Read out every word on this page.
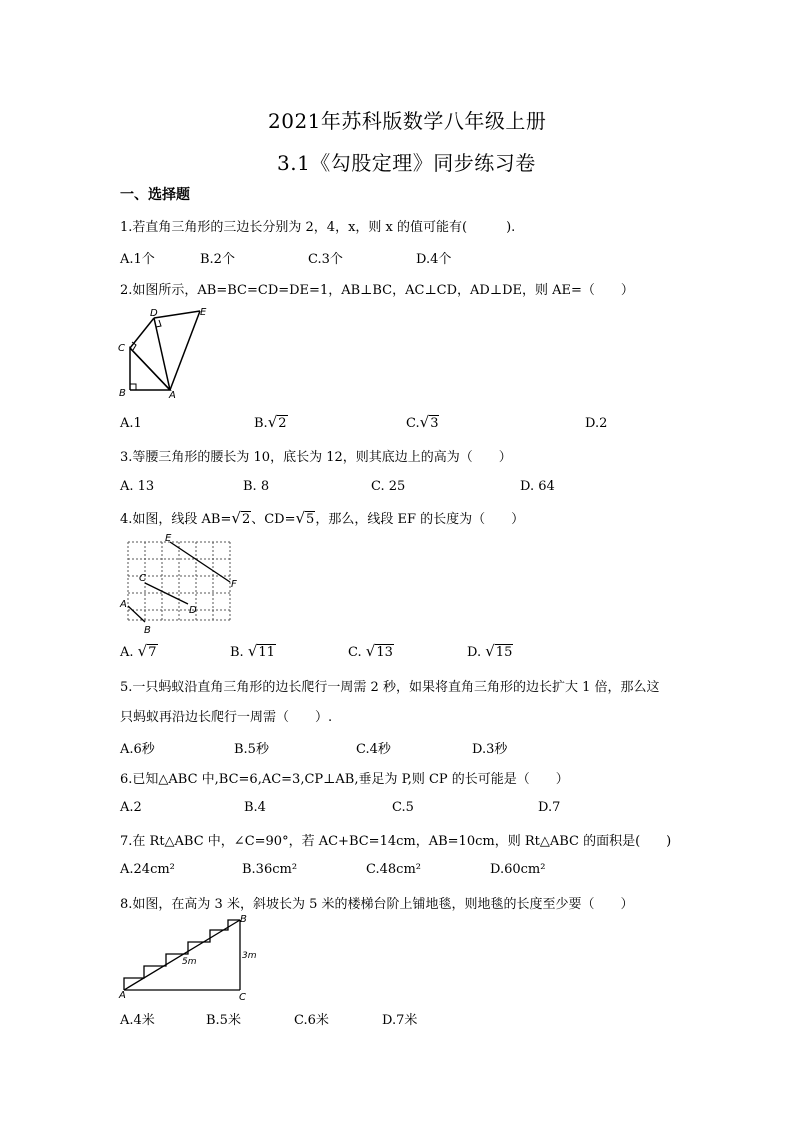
2021年苏科版数学八年级上册
3.1《勾股定理》同步练习卷
一、选择题
1.若直角三角形的三边长分别为 2，4，x，则 x 的值可能有(　　　).
A.1个	B.2个	C.3个	D.4个
2.如图所示，AB=BC=CD=DE=1，AB⊥BC，AC⊥CD，AD⊥DE，则 AE=（　　）
B	A
C
D	E
A.1	B.√2	C.√3	D.2
3.等腰三角形的腰长为 10，底长为 12，则其底边上的高为（　　）
A. 13	B. 8	C. 25	D. 64
4.如图，线段 AB=√2、CD=√5，那么，线段 EF 的长度为（　　）
E
F
C
D
A
B
A. √7	B. √11	C. √13	D. √15
5.一只蚂蚁沿直角三角形的边长爬行一周需 2 秒，如果将直角三角形的边长扩大 1 倍，那么这
只蚂蚁再沿边长爬行一周需（　　）.
A.6秒	B.5秒	C.4秒	D.3秒
6.已知△ABC 中,BC=6,AC=3,CP⊥AB,垂足为 P,则 CP 的长可能是（　　）
A.2	B.4	C.5	D.7
7.在 Rt△ABC 中，∠C=90°，若 AC+BC=14cm，AB=10cm，则 Rt△ABC 的面积是(　　)
A.24cm²	B.36cm²	C.48cm²	D.60cm²
8.如图，在高为 3 米，斜坡长为 5 米的楼梯台阶上铺地毯，则地毯的长度至少要（　　）
5m
3m
A	C
B
A.4米	B.5米	C.6米	D.7米
